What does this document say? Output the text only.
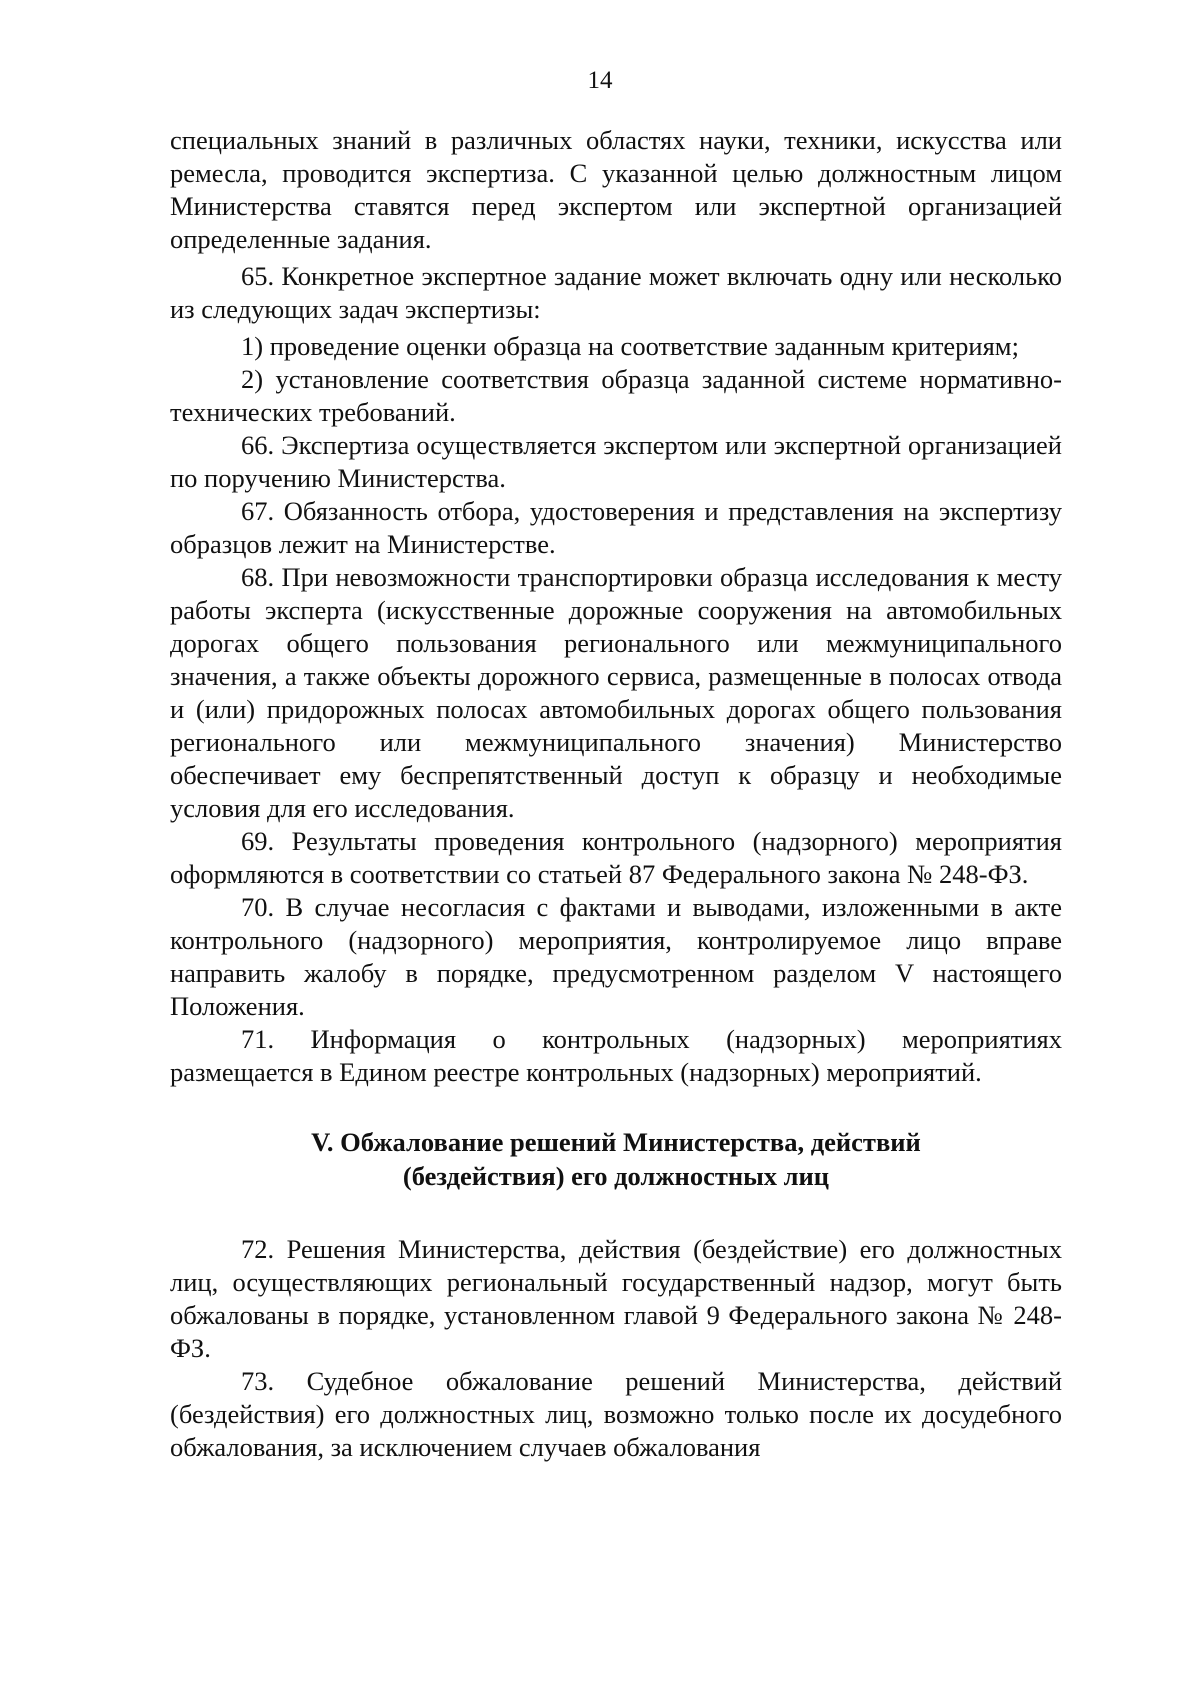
14

специальных знаний в различных областях науки, техники, искусства или ремесла, проводится экспертиза. С указанной целью должностным лицом Министерства ставятся перед экспертом или экспертной организацией определенные задания.

65. Конкретное экспертное задание может включать одну или несколько из следующих задач экспертизы:

1) проведение оценки образца на соответствие заданным критериям;

2) установление соответствия образца заданной системе нормативно-технических требований.

66. Экспертиза осуществляется экспертом или экспертной организацией по поручению Министерства.

67. Обязанность отбора, удостоверения и представления на экспертизу образцов лежит на Министерстве.

68. При невозможности транспортировки образца исследования к месту работы эксперта (искусственные дорожные сооружения на автомобильных дорогах общего пользования регионального или межмуниципального значения, а также объекты дорожного сервиса, размещенные в полосах отвода и (или) придорожных полосах автомобильных дорогах общего пользования регионального или межмуниципального значения) Министерство обеспечивает ему беспрепятственный доступ к образцу и необходимые условия для его исследования.

69. Результаты проведения контрольного (надзорного) мероприятия оформляются в соответствии со статьей 87 Федерального закона № 248-ФЗ.

70. В случае несогласия с фактами и выводами, изложенными в акте контрольного (надзорного) мероприятия, контролируемое лицо вправе направить жалобу в порядке, предусмотренном разделом V настоящего Положения.

71. Информация о контрольных (надзорных) мероприятиях размещается в Едином реестре контрольных (надзорных) мероприятий.

V. Обжалование решений Министерства, действий
(бездействия) его должностных лиц

72. Решения Министерства, действия (бездействие) его должностных лиц, осуществляющих региональный государственный надзор, могут быть обжалованы в порядке, установленном главой 9 Федерального закона № 248-ФЗ.

73. Судебное обжалование решений Министерства, действий (бездействия) его должностных лиц, возможно только после их досудебного обжалования, за исключением случаев обжалования
